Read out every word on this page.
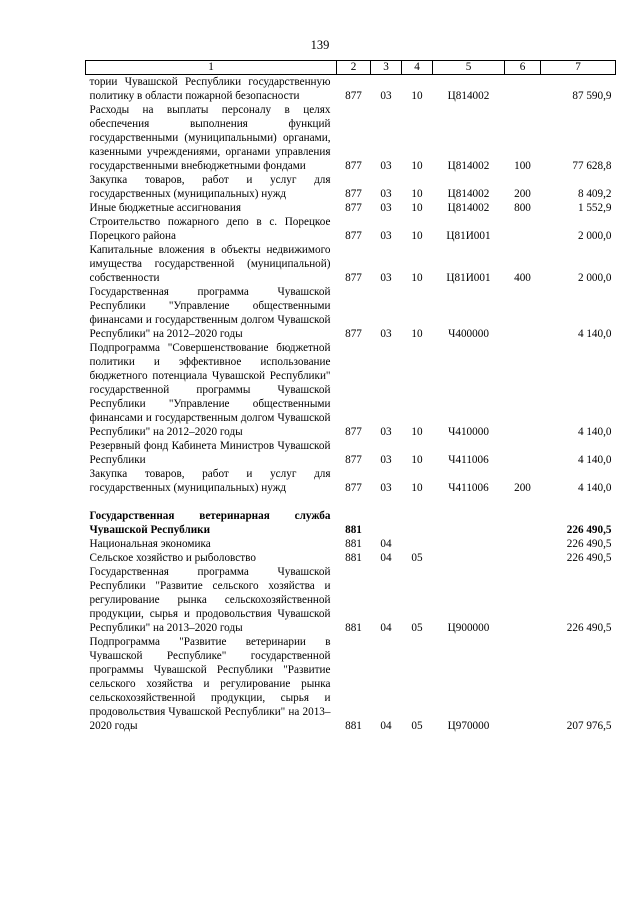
139
1	2	3	4	5	6	7
тории Чувашской Республики государственную политику в области пожарной безопасности	877	03	10	Ц814002		87 590,9
Расходы на выплаты персоналу в целях обеспечения выполнения функций государственными (муниципальными) органами, казенными учреждениями, органами управления государственными внебюджетными фондами	877	03	10	Ц814002	100	77 628,8
Закупка товаров, работ и услуг для государственных (муниципальных) нужд	877	03	10	Ц814002	200	8 409,2
Иные бюджетные ассигнования	877	03	10	Ц814002	800	1 552,9
Строительство пожарного депо в с. Порецкое Порецкого района	877	03	10	Ц81И001		2 000,0
Капитальные вложения в объекты недвижимого имущества государственной (муниципальной) собственности	877	03	10	Ц81И001	400	2 000,0
Государственная программа Чувашской Республики "Управление общественными финансами и государственным долгом Чувашской Республики" на 2012–2020 годы	877	03	10	Ч400000		4 140,0
Подпрограмма "Совершенствование бюджетной политики и эффективное использование бюджетного потенциала Чувашской Республики" государственной программы Чувашской Республики "Управление общественными финансами и государственным долгом Чувашской Республики" на 2012–2020 годы	877	03	10	Ч410000		4 140,0
Резервный фонд Кабинета Министров Чувашской Республики	877	03	10	Ч411006		4 140,0
Закупка товаров, работ и услуг для государственных (муниципальных) нужд	877	03	10	Ч411006	200	4 140,0

Государственная ветеринарная служба Чувашской Республики	881					226 490,5
Национальная экономика	881	04				226 490,5
Сельское хозяйство и рыболовство	881	04	05			226 490,5
Государственная программа Чувашской Республики "Развитие сельского хозяйства и регулирование рынка сельскохозяйственной продукции, сырья и продовольствия Чувашской Республики" на 2013–2020 годы	881	04	05	Ц900000		226 490,5
Подпрограмма "Развитие ветеринарии в Чувашской Республике" государственной программы Чувашской Республики "Развитие сельского хозяйства и регулирование рынка сельскохозяйственной продукции, сырья и продовольствия Чувашской Республики" на 2013–2020 годы	881	04	05	Ц970000		207 976,5
